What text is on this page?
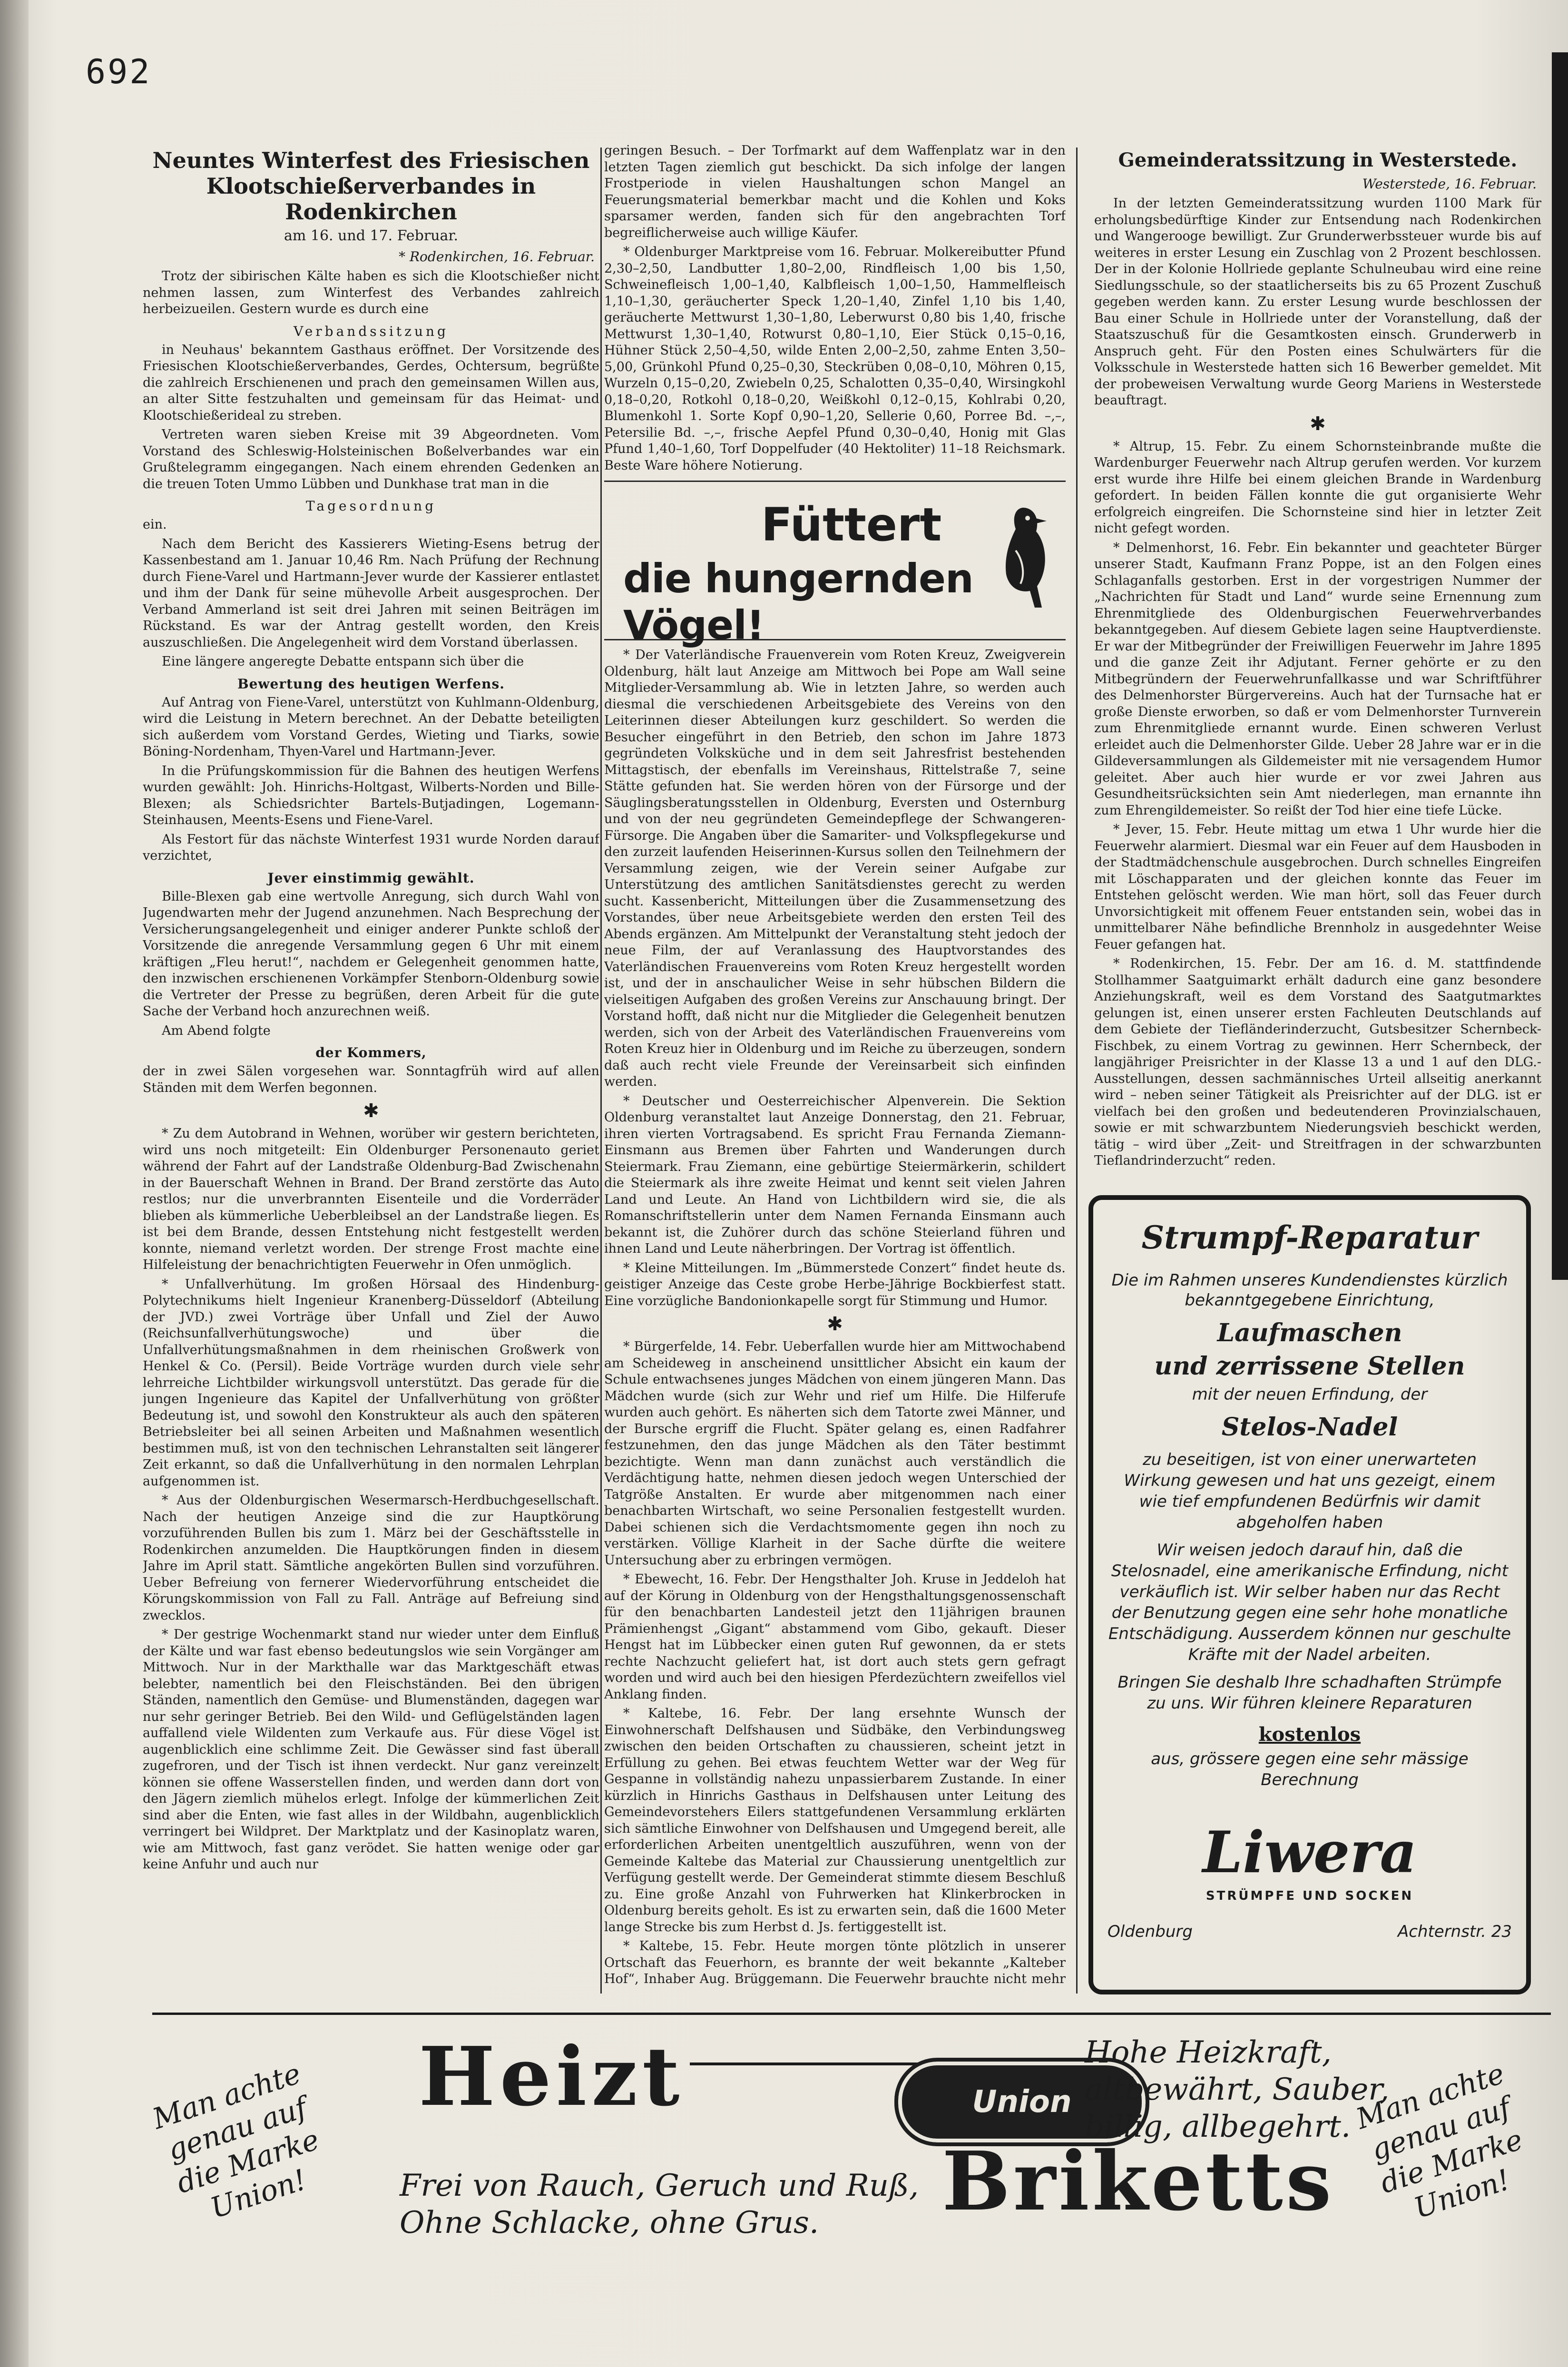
692
Neuntes Winterfest des Friesischen Klootschießerverbandes in Rodenkirchen
am 16. und 17. Februar.
* Rodenkirchen, 16. Februar.

Trotz der sibirischen Kälte haben es sich die Klootschießer nicht nehmen lassen, zum Winterfest des Verbandes zahlreich herbeizueilen. Gestern wurde es durch eine

Verbandssitzung

in Neuhaus' bekanntem Gasthaus eröffnet. Der Vorsitzende des Friesischen Klootschießerverbandes, Gerdes, Ochtersum, begrüßte die zahlreich Erschienenen und prach den gemeinsamen Willen aus, an alter Sitte festzuhalten und gemeinsam für das Heimat- und Klootschießerideal zu streben.

Vertreten waren sieben Kreise mit 39 Abgeordneten. Vom Vorstand des Schleswig-Holsteinischen Boßelverbandes war ein Grußtelegramm eingegangen. Nach einem ehrenden Gedenken an die treuen Toten Ummo Lübben und Dunkhase trat man in die

Tagesordnung

ein.

Nach dem Bericht des Kassierers Wieting-Esens betrug der Kassenbestand am 1. Januar 10,46 Rm. Nach Prüfung der Rechnung durch Fiene-Varel und Hartmann-Jever wurde der Kassierer entlastet und ihm der Dank für seine mühevolle Arbeit ausgesprochen. Der Verband Ammerland ist seit drei Jahren mit seinen Beiträgen im Rückstand. Es war der Antrag gestellt worden, den Kreis auszuschließen. Die Angelegenheit wird dem Vorstand überlassen.

Eine längere angeregte Debatte entspann sich über die

Bewertung des heutigen Werfens.

Auf Antrag von Fiene-Varel, unterstützt von Kuhlmann-Oldenburg, wird die Leistung in Metern berechnet. An der Debatte beteiligten sich außerdem vom Vorstand Gerdes, Wieting und Tiarks, sowie Böning-Nordenham, Thyen-Varel und Hartmann-Jever.

In die Prüfungskommission für die Bahnen des heutigen Werfens wurden gewählt: Joh. Hinrichs-Holtgast, Wilberts-Norden und Bille-Blexen; als Schiedsrichter Bartels-Butjadingen, Logemann-Steinhausen, Meents-Esens und Fiene-Varel.

Als Festort für das nächste Winterfest 1931 wurde Norden darauf verzichtet,

Jever einstimmig gewählt.

Bille-Blexen gab eine wertvolle Anregung, sich durch Wahl von Jugendwarten mehr der Jugend anzunehmen. Nach Besprechung der Versicherungsangelegenheit und einiger anderer Punkte schloß der Vorsitzende die anregende Versammlung gegen 6 Uhr mit einem kräftigen „Fleu herut!“, nachdem er Gelegenheit genommen hatte, den inzwischen erschienenen Vorkämpfer Stenborn-Oldenburg sowie die Vertreter der Presse zu begrüßen, deren Arbeit für die gute Sache der Verband hoch anzurechnen weiß.

Am Abend folgte

der Kommers,

der in zwei Sälen vorgesehen war. Sonntagfrüh wird auf allen Ständen mit dem Werfen begonnen.

✱

* Zu dem Autobrand in Wehnen, worüber wir gestern berichteten, wird uns noch mitgeteilt: Ein Oldenburger Personenauto geriet während der Fahrt auf der Landstraße Oldenburg-Bad Zwischenahn in der Bauerschaft Wehnen in Brand. Der Brand zerstörte das Auto restlos; nur die unverbrannten Eisenteile und die Vorderräder blieben als kümmerliche Ueberbleibsel an der Landstraße liegen. Es ist bei dem Brande, dessen Entstehung nicht festgestellt werden konnte, niemand verletzt worden. Der strenge Frost machte eine Hilfeleistung der benachrichtigten Feuerwehr in Ofen unmöglich.

* Unfallverhütung. Im großen Hörsaal des Hindenburg-Polytechnikums hielt Ingenieur Kranenberg-Düsseldorf (Abteilung der JVD.) zwei Vorträge über Unfall und Ziel der Auwo (Reichsunfallverhütungswoche) und über die Unfallverhütungsmaßnahmen in dem rheinischen Großwerk von Henkel & Co. (Persil). Beide Vorträge wurden durch viele sehr lehrreiche Lichtbilder wirkungsvoll unterstützt. Das gerade für die jungen Ingenieure das Kapitel der Unfallverhütung von größter Bedeutung ist, und sowohl den Konstrukteur als auch den späteren Betriebsleiter bei all seinen Arbeiten und Maßnahmen wesentlich bestimmen muß, ist von den technischen Lehranstalten seit längerer Zeit erkannt, so daß die Unfallverhütung in den normalen Lehrplan aufgenommen ist.

* Aus der Oldenburgischen Wesermarsch-Herdbuchgesellschaft. Nach der heutigen Anzeige sind die zur Hauptkörung vorzuführenden Bullen bis zum 1. März bei der Geschäftsstelle in Rodenkirchen anzumelden. Die Hauptkörungen finden in diesem Jahre im April statt. Sämtliche angekörten Bullen sind vorzuführen. Ueber Befreiung von fernerer Wiedervorführung entscheidet die Körungskommission von Fall zu Fall. Anträge auf Befreiung sind zwecklos.

* Der gestrige Wochenmarkt stand nur wieder unter dem Einfluß der Kälte und war fast ebenso bedeutungslos wie sein Vorgänger am Mittwoch. Nur in der Markthalle war das Marktgeschäft etwas belebter, namentlich bei den Fleischständen. Bei den übrigen Ständen, namentlich den Gemüse- und Blumenständen, dagegen war nur sehr geringer Betrieb. Bei den Wild- und Geflügelständen lagen auffallend viele Wildenten zum Verkaufe aus. Für diese Vögel ist augenblicklich eine schlimme Zeit. Die Gewässer sind fast überall zugefroren, und der Tisch ist ihnen verdeckt. Nur ganz vereinzelt können sie offene Wasserstellen finden, und werden dann dort von den Jägern ziemlich mühelos erlegt. Infolge der kümmerlichen Zeit sind aber die Enten, wie fast alles in der Wildbahn, augenblicklich verringert bei Wildpret. Der Marktplatz und der Kasinoplatz waren, wie am Mittwoch, fast ganz verödet. Sie hatten wenige oder gar keine Anfuhr und auch nur

geringen Besuch. – Der Torfmarkt auf dem Waffenplatz war in den letzten Tagen ziemlich gut beschickt. Da sich infolge der langen Frostperiode in vielen Haushaltungen schon Mangel an Feuerungsmaterial bemerkbar macht und die Kohlen und Koks sparsamer werden, fanden sich für den angebrachten Torf begreiflicherweise auch willige Käufer.

* Oldenburger Marktpreise vom 16. Februar. Molkereibutter Pfund 2,30–2,50, Landbutter 1,80–2,00, Rindfleisch 1,00 bis 1,50, Schweinefleisch 1,00–1,40, Kalbfleisch 1,00–1,50, Hammelfleisch 1,10–1,30, geräucherter Speck 1,20–1,40, Zinfel 1,10 bis 1,40, geräucherte Mettwurst 1,30–1,80, Leberwurst 0,80 bis 1,40, frische Mettwurst 1,30–1,40, Rotwurst 0,80–1,10, Eier Stück 0,15–0,16, Hühner Stück 2,50–4,50, wilde Enten 2,00–2,50, zahme Enten 3,50–5,00, Grünkohl Pfund 0,25–0,30, Steckrüben 0,08–0,10, Möhren 0,15, Wurzeln 0,15–0,20, Zwiebeln 0,25, Schalotten 0,35–0,40, Wirsingkohl 0,18–0,20, Rotkohl 0,18–0,20, Weißkohl 0,12–0,15, Kohlrabi 0,20, Blumenkohl 1. Sorte Kopf 0,90–1,20, Sellerie 0,60, Porree Bd. –,–, Petersilie Bd. –,–, frische Aepfel Pfund 0,30–0,40, Honig mit Glas Pfund 1,40–1,60, Torf Doppelfuder (40 Hektoliter) 11–18 Reichsmark. Beste Ware höhere Notierung.

Füttert
die hungernden Vögel!

* Der Vaterländische Frauenverein vom Roten Kreuz, Zweigverein Oldenburg, hält laut Anzeige am Mittwoch bei Pope am Wall seine Mitglieder-Versammlung ab. Wie in letzten Jahre, so werden auch diesmal die verschiedenen Arbeitsgebiete des Vereins von den Leiterinnen dieser Abteilungen kurz geschildert. So werden die Besucher eingeführt in den Betrieb, den schon im Jahre 1873 gegründeten Volksküche und in dem seit Jahresfrist bestehenden Mittagstisch, der ebenfalls im Vereinshaus, Rittelstraße 7, seine Stätte gefunden hat. Sie werden hören von der Fürsorge und der Säuglingsberatungsstellen in Oldenburg, Eversten und Osternburg und von der neu gegründeten Gemeindepflege der Schwangeren-Fürsorge. Die Angaben über die Samariter- und Volkspflegekurse und den zurzeit laufenden Heiserinnen-Kursus sollen den Teilnehmern der Versammlung zeigen, wie der Verein seiner Aufgabe zur Unterstützung des amtlichen Sanitätsdienstes gerecht zu werden sucht. Kassenbericht, Mitteilungen über die Zusammensetzung des Vorstandes, über neue Arbeitsgebiete werden den ersten Teil des Abends ergänzen. Am Mittelpunkt der Veranstaltung steht jedoch der neue Film, der auf Veranlassung des Hauptvorstandes des Vaterländischen Frauenvereins vom Roten Kreuz hergestellt worden ist, und der in anschaulicher Weise in sehr hübschen Bildern die vielseitigen Aufgaben des großen Vereins zur Anschauung bringt. Der Vorstand hofft, daß nicht nur die Mitglieder die Gelegenheit benutzen werden, sich von der Arbeit des Vaterländischen Frauenvereins vom Roten Kreuz hier in Oldenburg und im Reiche zu überzeugen, sondern daß auch recht viele Freunde der Vereinsarbeit sich einfinden werden.

* Deutscher und Oesterreichischer Alpenverein. Die Sektion Oldenburg veranstaltet laut Anzeige Donnerstag, den 21. Februar, ihren vierten Vortragsabend. Es spricht Frau Fernanda Ziemann-Einsmann aus Bremen über Fahrten und Wanderungen durch Steiermark. Frau Ziemann, eine gebürtige Steiermärkerin, schildert die Steiermark als ihre zweite Heimat und kennt seit vielen Jahren Land und Leute. An Hand von Lichtbildern wird sie, die als Romanschriftstellerin unter dem Namen Fernanda Einsmann auch bekannt ist, die Zuhörer durch das schöne Steierland führen und ihnen Land und Leute näherbringen. Der Vortrag ist öffentlich.

* Kleine Mitteilungen. Im „Bümmerstede Conzert“ findet heute ds. geistiger Anzeige das Ceste grobe Herbe-Jährige Bockbierfest statt. Eine vorzügliche Bandonionkapelle sorgt für Stimmung und Humor.

✱

* Bürgerfelde, 14. Febr. Ueberfallen wurde hier am Mittwochabend am Scheideweg in anscheinend unsittlicher Absicht ein kaum der Schule entwachsenes junges Mädchen von einem jüngeren Mann. Das Mädchen wurde (sich zur Wehr und rief um Hilfe. Die Hilferufe wurden auch gehört. Es näherten sich dem Tatorte zwei Männer, und der Bursche ergriff die Flucht. Später gelang es, einen Radfahrer festzunehmen, den das junge Mädchen als den Täter bestimmt bezichtigte. Wenn man dann zunächst auch verständlich die Verdächtigung hatte, nehmen diesen jedoch wegen Unterschied der Tatgröße Anstalten. Er wurde aber mitgenommen nach einer benachbarten Wirtschaft, wo seine Personalien festgestellt wurden. Dabei schienen sich die Verdachtsmomente gegen ihn noch zu verstärken. Völlige Klarheit in der Sache dürfte die weitere Untersuchung aber zu erbringen vermögen.

* Ebewecht, 16. Febr. Der Hengsthalter Joh. Kruse in Jeddeloh hat auf der Körung in Oldenburg von der Hengsthaltungsgenossenschaft für den benachbarten Landesteil jetzt den 11jährigen braunen Prämienhengst „Gigant“ abstammend vom Gibo, gekauft. Dieser Hengst hat im Lübbecker einen guten Ruf gewonnen, da er stets rechte Nachzucht geliefert hat, ist dort auch stets gern gefragt worden und wird auch bei den hiesigen Pferdezüchtern zweifellos viel Anklang finden.

* Kaltebe, 16. Febr. Der lang ersehnte Wunsch der Einwohnerschaft Delfshausen und Südbäke, den Verbindungsweg zwischen den beiden Ortschaften zu chaussieren, scheint jetzt in Erfüllung zu gehen. Bei etwas feuchtem Wetter war der Weg für Gespanne in vollständig nahezu unpassierbarem Zustande. In einer kürzlich in Hinrichs Gasthaus in Delfshausen unter Leitung des Gemeindevorstehers Eilers stattgefundenen Versammlung erklärten sich sämtliche Einwohner von Delfshausen und Umgegend bereit, alle erforderlichen Arbeiten unentgeltlich auszuführen, wenn von der Gemeinde Kaltebe das Material zur Chaussierung unentgeltlich zur Verfügung gestellt werde. Der Gemeinderat stimmte diesem Beschluß zu. Eine große Anzahl von Fuhrwerken hat Klinkerbrocken in Oldenburg bereits geholt. Es ist zu erwarten sein, daß die 1600 Meter lange Strecke bis zum Herbst d. Js. fertiggestellt ist.

* Kaltebe, 15. Febr. Heute morgen tönte plötzlich in unserer Ortschaft das Feuerhorn, es brannte der weit bekannte „Kalteber Hof“, Inhaber Aug. Brüggemann. Die Feuerwehr brauchte nicht mehr

Gemeinderatssitzung in Westerstede.
Westerstede, 16. Februar.

In der letzten Gemeinderatssitzung wurden 1100 Mark für erholungsbedürftige Kinder zur Entsendung nach Rodenkirchen und Wangerooge bewilligt. Zur Grunderwerbssteuer wurde bis auf weiteres in erster Lesung ein Zuschlag von 2 Prozent beschlossen. Der in der Kolonie Hollriede geplante Schulneubau wird eine reine Siedlungsschule, so der staatlicherseits bis zu 65 Prozent Zuschuß gegeben werden kann. Zu erster Lesung wurde beschlossen der Bau einer Schule in Hollriede unter der Voranstellung, daß der Staatszuschuß für die Gesamtkosten einsch. Grunderwerb in Anspruch geht. Für den Posten eines Schulwärters für die Volksschule in Westerstede hatten sich 16 Bewerber gemeldet. Mit der probeweisen Verwaltung wurde Georg Mariens in Westerstede beauftragt.

✱

* Altrup, 15. Febr. Zu einem Schornsteinbrande mußte die Wardenburger Feuerwehr nach Altrup gerufen werden. Vor kurzem erst wurde ihre Hilfe bei einem gleichen Brande in Wardenburg gefordert. In beiden Fällen konnte die gut organisierte Wehr erfolgreich eingreifen. Die Schornsteine sind hier in letzter Zeit nicht gefegt worden.

* Delmenhorst, 16. Febr. Ein bekannter und geachteter Bürger unserer Stadt, Kaufmann Franz Poppe, ist an den Folgen eines Schlaganfalls gestorben. Erst in der vorgestrigen Nummer der „Nachrichten für Stadt und Land“ wurde seine Ernennung zum Ehrenmitgliede des Oldenburgischen Feuerwehrverbandes bekanntgegeben. Auf diesem Gebiete lagen seine Hauptverdienste. Er war der Mitbegründer der Freiwilligen Feuerwehr im Jahre 1895 und die ganze Zeit ihr Adjutant. Ferner gehörte er zu den Mitbegründern der Feuerwehrunfallkasse und war Schriftführer des Delmenhorster Bürgervereins. Auch hat der Turnsache hat er große Dienste erworben, so daß er vom Delmenhorster Turnverein zum Ehrenmitgliede ernannt wurde. Einen schweren Verlust erleidet auch die Delmenhorster Gilde. Ueber 28 Jahre war er in die Gildeversammlungen als Gildemeister mit nie versagendem Humor geleitet. Aber auch hier wurde er vor zwei Jahren aus Gesundheitsrücksichten sein Amt niederlegen, man ernannte ihn zum Ehrengildemeister. So reißt der Tod hier eine tiefe Lücke.

* Jever, 15. Febr. Heute mittag um etwa 1 Uhr wurde hier die Feuerwehr alarmiert. Diesmal war ein Feuer auf dem Hausboden in der Stadtmädchenschule ausgebrochen. Durch schnelles Eingreifen mit Löschapparaten und der gleichen konnte das Feuer im Entstehen gelöscht werden. Wie man hört, soll das Feuer durch Unvorsichtigkeit mit offenem Feuer entstanden sein, wobei das in unmittelbarer Nähe befindliche Brennholz in ausgedehnter Weise Feuer gefangen hat.

* Rodenkirchen, 15. Febr. Der am 16. d. M. stattfindende Stollhammer Saatguimarkt erhält dadurch eine ganz besondere Anziehungskraft, weil es dem Vorstand des Saatgutmarktes gelungen ist, einen unserer ersten Fachleuten Deutschlands auf dem Gebiete der Tiefländerinderzucht, Gutsbesitzer Schernbeck-Fischbek, zu einem Vortrag zu gewinnen. Herr Schernbeck, der langjähriger Preisrichter in der Klasse 13 a und 1 auf den DLG.-Ausstellungen, dessen sachmännisches Urteil allseitig anerkannt wird – neben seiner Tätigkeit als Preisrichter auf der DLG. ist er vielfach bei den großen und bedeutenderen Provinzialschauen, sowie er mit schwarzbuntem Niederungsvieh beschickt werden, tätig – wird über „Zeit- und Streitfragen in der schwarzbunten Tieflandrinderzucht“ reden.

Strumpf-Reparatur

Die im Rahmen unseres Kundendienstes kürzlich bekanntgegebene Einrichtung,

Laufmaschen
und zerrissene Stellen

mit der neuen Erfindung, der

Stelos-Nadel

zu beseitigen, ist von einer unerwarteten Wirkung gewesen und hat uns gezeigt, einem wie tief empfundenen Bedürfnis wir damit abgeholfen haben

Wir weisen jedoch darauf hin, daß die Stelosnadel, eine amerikanische Erfindung, nicht verkäuflich ist. Wir selber haben nur das Recht der Benutzung gegen eine sehr hohe monatliche Entschädigung. Ausserdem können nur geschulte Kräfte mit der Nadel arbeiten.

Bringen Sie deshalb Ihre schadhaften Strümpfe zu uns. Wir führen kleinere Reparaturen

kostenlos

aus, grössere gegen eine sehr mässige Berechnung

Liwera
STRÜMPFE UND SOCKEN
Oldenburg	Achternstr. 23
Man achte genau auf die Marke Union!
Heizt	Union
Hohe Heizkraft, altbewährt, Sauber, billig, allbegehrt.
Frei von Rauch, Geruch und Ruß, Ohne Schlacke, ohne Grus.	Briketts
Man achte genau auf die Marke Union!
